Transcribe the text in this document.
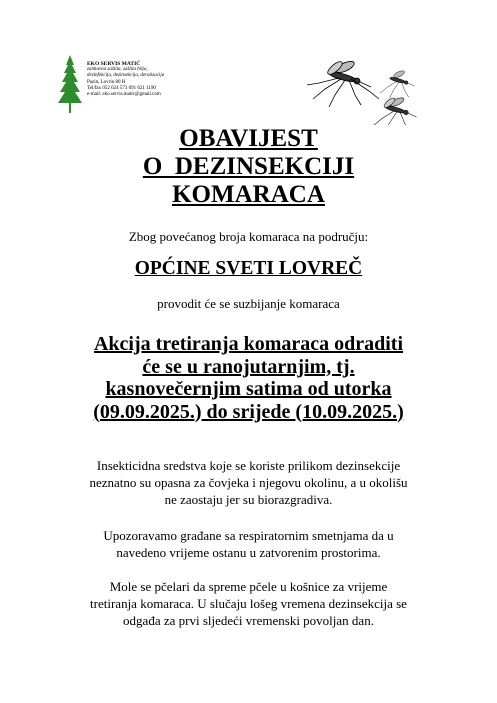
EKO SERVIS MATIĆ
zamtavna zaštita, zaštita bilja,
dezinfekcija, dezinsekcija, deratizacija
Pazin, Lovrin 80 H
Tel/fax 052 624 573 091 621 1190
e-mail: eko.servis.matic@gmail.com
OBAVIJEST
O  DEZINSEKCIJI
KOMARACA
Zbog povećanog broja komaraca na području:
OPĆINE SVETI LOVREČ
provodit će se suzbijanje komaraca
Akcija tretiranja komaraca odraditi
će se u ranojutarnjim, tj.
kasnovečernjim satima od utorka
(09.09.2025.) do srijede (10.09.2025.)
Insekticidna sredstva koje se koriste prilikom dezinsekcije
neznatno su opasna za čovjeka i njegovu okolinu, a u okolišu
ne zaostaju jer su biorazgradiva.
Upozoravamo građane sa respiratornim smetnjama da u
navedeno vrijeme ostanu u zatvorenim prostorima.
Mole se pčelari da spreme pčele u košnice za vrijeme
tretiranja komaraca. U slučaju lošeg vremena dezinsekcija se
odgađa za prvi sljedeći vremenski povoljan dan.
